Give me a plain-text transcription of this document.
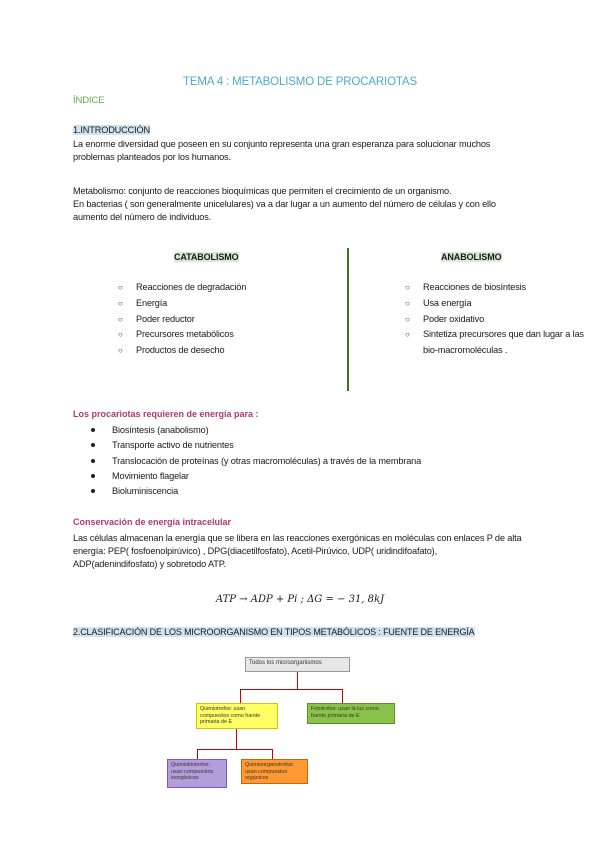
TEMA 4 : METABOLISMO DE PROCARIOTAS
ÍNDICE
1.INTRODUCCIÓN
La enorme diversidad que poseen en su conjunto representa una gran esperanza para solucionar muchos
problemas planteados por los humanos.
Metabolismo: conjunto de reacciones bioquímicas que permiten el crecimiento de un organismo.
En bacterias ( son generalmente unicelulares) va a dar lugar a un aumento del número de células y con ello
aumento del número de individuos.
CATABOLISMO
○ Reacciones de degradación
○ Energía
○ Poder reductor
○ Precursores metabólicos
○ Productos de desecho
ANABOLISMO
○ Reacciones de biosíntesis
○ Usa energía
○ Poder oxidativo
○ Sintetiza precursores que dan lugar a las
bio-macromoléculas .
Los procariotas requieren de energía para :
Biosíntesis (anabolismo)
Transporte activo de nutrientes
Translocación de proteínas (y otras macromoléculas) a través de la membrana
Movimiento flagelar
Bioluminiscencia
Conservación de energía intracelular
Las células almacenan la energía que se libera en las reacciones exergónicas en moléculas con enlaces P de alta
energía: PEP( fosfoenolpirúvico) , DPG(diacetilfosfato), Acetil-Pirúvico, UDP( uridindifoafato),
ADP(adenindifosfato) y sobretodo ATP.
ATP → ADP + Pi ; ΔG = − 31, 8kJ
2.CLASIFICACIÓN DE LOS MICROORGANISMO EN TIPOS METABÓLICOS : FUENTE DE ENERGÍA
Todos los microorganismos
Quimiotrofos: usan compuestos como fuente primaria de E
Fototrofos: usan la luz como fuente primaria de E
Quimiolitotrofos: usan compuestos inorgánicos
Quimioorganotrofos: usan compuestos orgánicos
